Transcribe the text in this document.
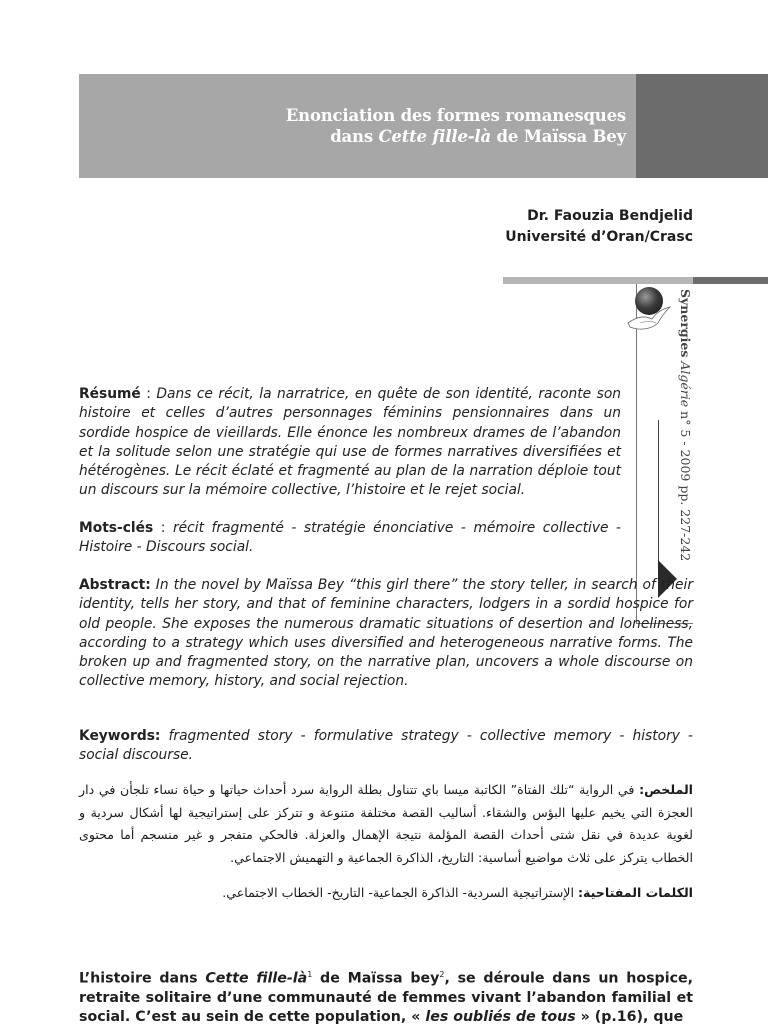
Enonciation des formes romanesques
dans Cette fille-là de Maïssa Bey
Dr. Faouzia Bendjelid
Université d’Oran/Crasc
Synergies Algérie n° 5 - 2009 pp. 227-242
Résumé : Dans ce récit, la narratrice, en quête de son identité, raconte son histoire et celles d’autres personnages féminins pensionnaires dans un sordide hospice de vieillards. Elle énonce les nombreux drames de l’abandon et la solitude selon une stratégie qui use de formes narratives diversifiées et hétérogènes. Le récit éclaté et fragmenté au plan de la narration déploie tout un discours sur la mémoire collective, l’histoire et le rejet social.
Mots-clés : récit fragmenté - stratégie énonciative - mémoire collective -Histoire - Discours social.
Abstract: In the novel by Maïssa Bey “this girl there” the story teller, in search of their identity, tells her story, and that of feminine characters, lodgers in a sordid hospice for old people. She exposes the numerous dramatic situations of desertion and loneliness, according to a strategy which uses diversified and heterogeneous narrative forms. The broken up and fragmented story, on the narrative plan, uncovers a whole discourse on collective memory, history, and social rejection.
Keywords: fragmented story - formulative strategy - collective memory - history - social discourse.
الملخص: في الرواية “تلك الفتاة” الكاتبة ميسا باي تتناول بطلة الرواية سرد أحداث حياتها و حياة نساء تلجأن في دار العجزة التي يخيم عليها البؤس والشقاء. أساليب القصة مختلفة متنوعة و تتركز على إستراتيجية لها أشكال سردية و لغوية عديدة في نقل شتى أحداث القصة المؤلمة نتيجة الإهمال والعزلة. فالحكي متفجر و غير منسجم أما محتوى الخطاب يتركز على ثلاث مواضيع أساسية: التاريخ، الذاكرة الجماعية و التهميش الاجتماعي.
الكلمات المفتاحية: الإستراتيجية السردية- الذاكرة الجماعية- التاريخ- الخطاب الاجتماعي.
L’histoire dans Cette fille-$là^1$ de Maïssa bey$^2$, se déroule dans un hospice, retraite solitaire d’une communauté de femmes vivant l’abandon familial et social. C’est au sein de cette population, « les oubliés de tous » (p.16), que
